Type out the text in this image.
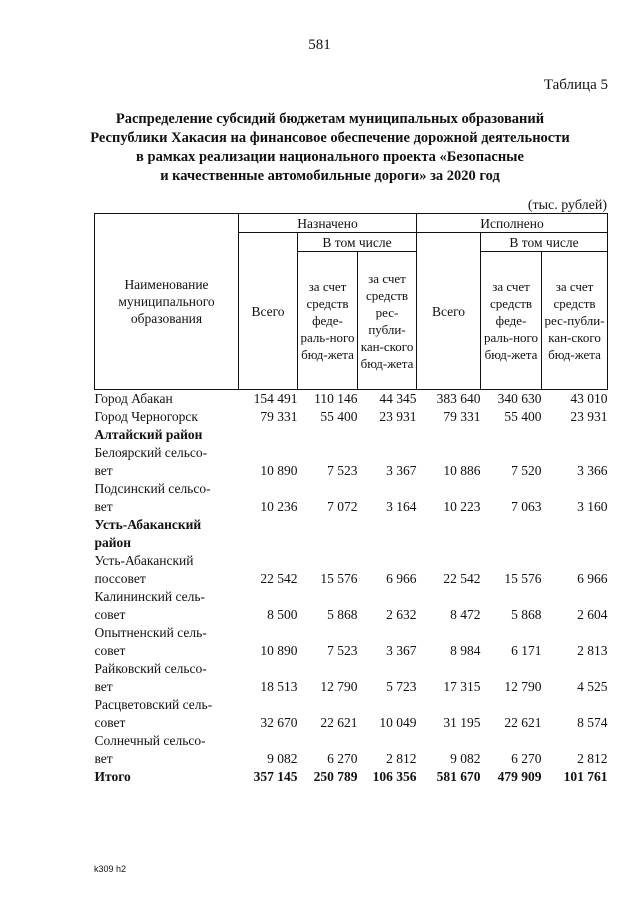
581
Таблица 5
Распределение субсидий бюджетам муниципальных образований
Республики Хакасия на финансовое обеспечение дорожной деятельности
в рамках реализации национального проекта «Безопасные
и качественные автомобильные дороги» за 2020 год
(тыс. рублей)
Наименование муниципального образования	Назначено			Исполнено		
	Всего	В том числе		Всего	В том числе	
		за счет средств феде-раль-ного бюд-жета	за счет средств рес-публи-кан-ского бюд-жета		за счет средств феде-раль-ного бюд-жета	за счет средств рес-публи-кан-ского бюд-жета
Город Абакан	154 491	110 146	44 345	383 640	340 630	43 010
Город Черногорск	79 331	55 400	23 931	79 331	55 400	23 931
Алтайский район						
Белоярский сельсо-						
вет	10 890	7 523	3 367	10 886	7 520	3 366
Подсинский сельсо-						
вет	10 236	7 072	3 164	10 223	7 063	3 160
Усть-Абаканский						
район						
Усть-Абаканский						
поссовет	22 542	15 576	6 966	22 542	15 576	6 966
Калининский сель-						
совет	8 500	5 868	2 632	8 472	5 868	2 604
Опытненский сель-						
совет	10 890	7 523	3 367	8 984	6 171	2 813
Райковский сельсо-						
вет	18 513	12 790	5 723	17 315	12 790	4 525
Расцветовский сель-						
совет	32 670	22 621	10 049	31 195	22 621	8 574
Солнечный сельсо-						
вет	9 082	6 270	2 812	9 082	6 270	2 812
Итого	357 145	250 789	106 356	581 670	479 909	101 761
k309 h2
